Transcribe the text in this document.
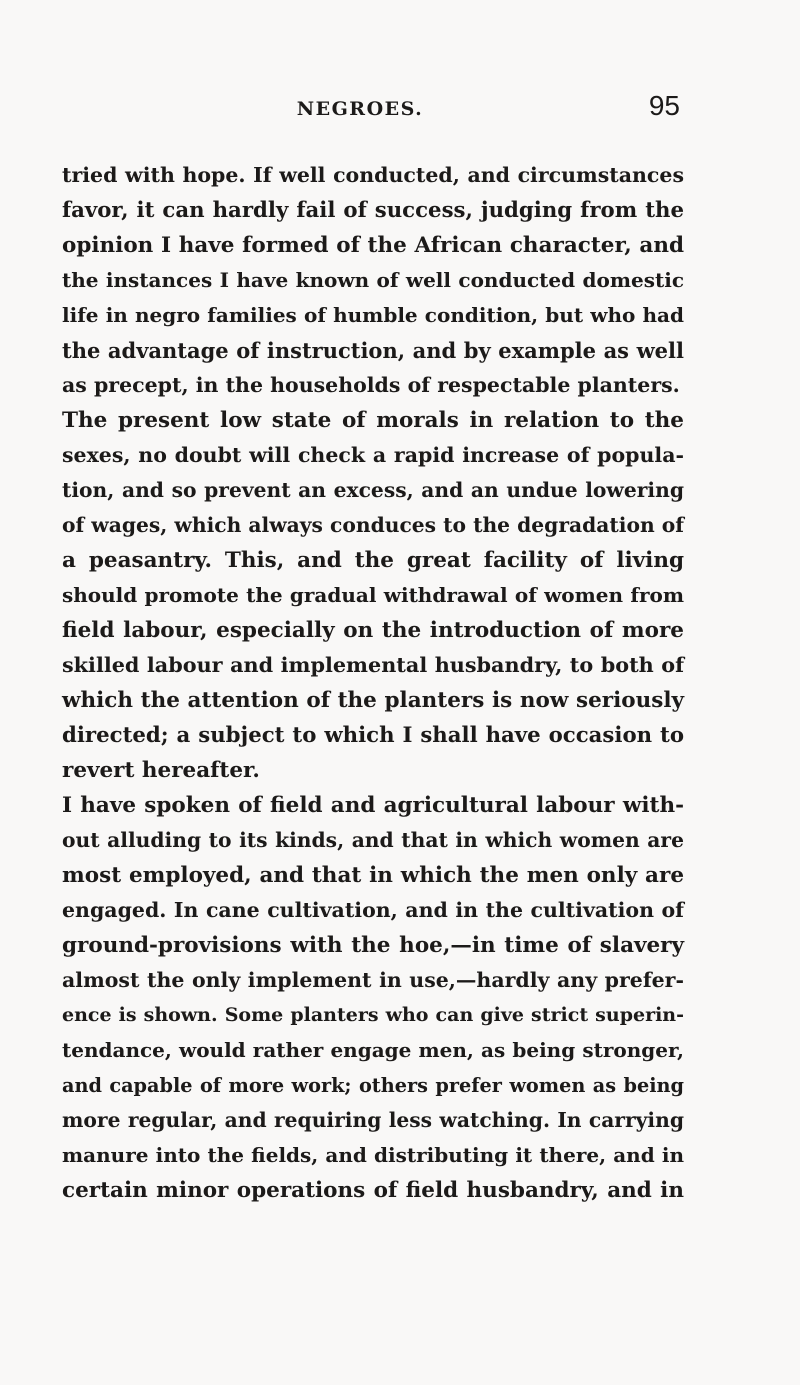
NEGROES.	95
tried with hope. If well conducted, and circumstances
favor, it can hardly fail of success, judging from the
opinion I have formed of the African character, and
the instances I have known of well conducted domestic
life in negro families of humble condition, but who had
the advantage of instruction, and by example as well
as precept, in the households of respectable planters.
The present low state of morals in relation to the
sexes, no doubt will check a rapid increase of popula-
tion, and so prevent an excess, and an undue lowering
of wages, which always conduces to the degradation of
a peasantry. This, and the great facility of living
should promote the gradual withdrawal of women from
field labour, especially on the introduction of more
skilled labour and implemental husbandry, to both of
which the attention of the planters is now seriously
directed; a subject to which I shall have occasion to
revert hereafter.
I have spoken of field and agricultural labour with-
out alluding to its kinds, and that in which women are
most employed, and that in which the men only are
engaged. In cane cultivation, and in the cultivation of
ground-provisions with the hoe,—in time of slavery
almost the only implement in use,—hardly any prefer-
ence is shown. Some planters who can give strict superin-
tendance, would rather engage men, as being stronger,
and capable of more work; others prefer women as being
more regular, and requiring less watching. In carrying
manure into the fields, and distributing it there, and in
certain minor operations of field husbandry, and in
